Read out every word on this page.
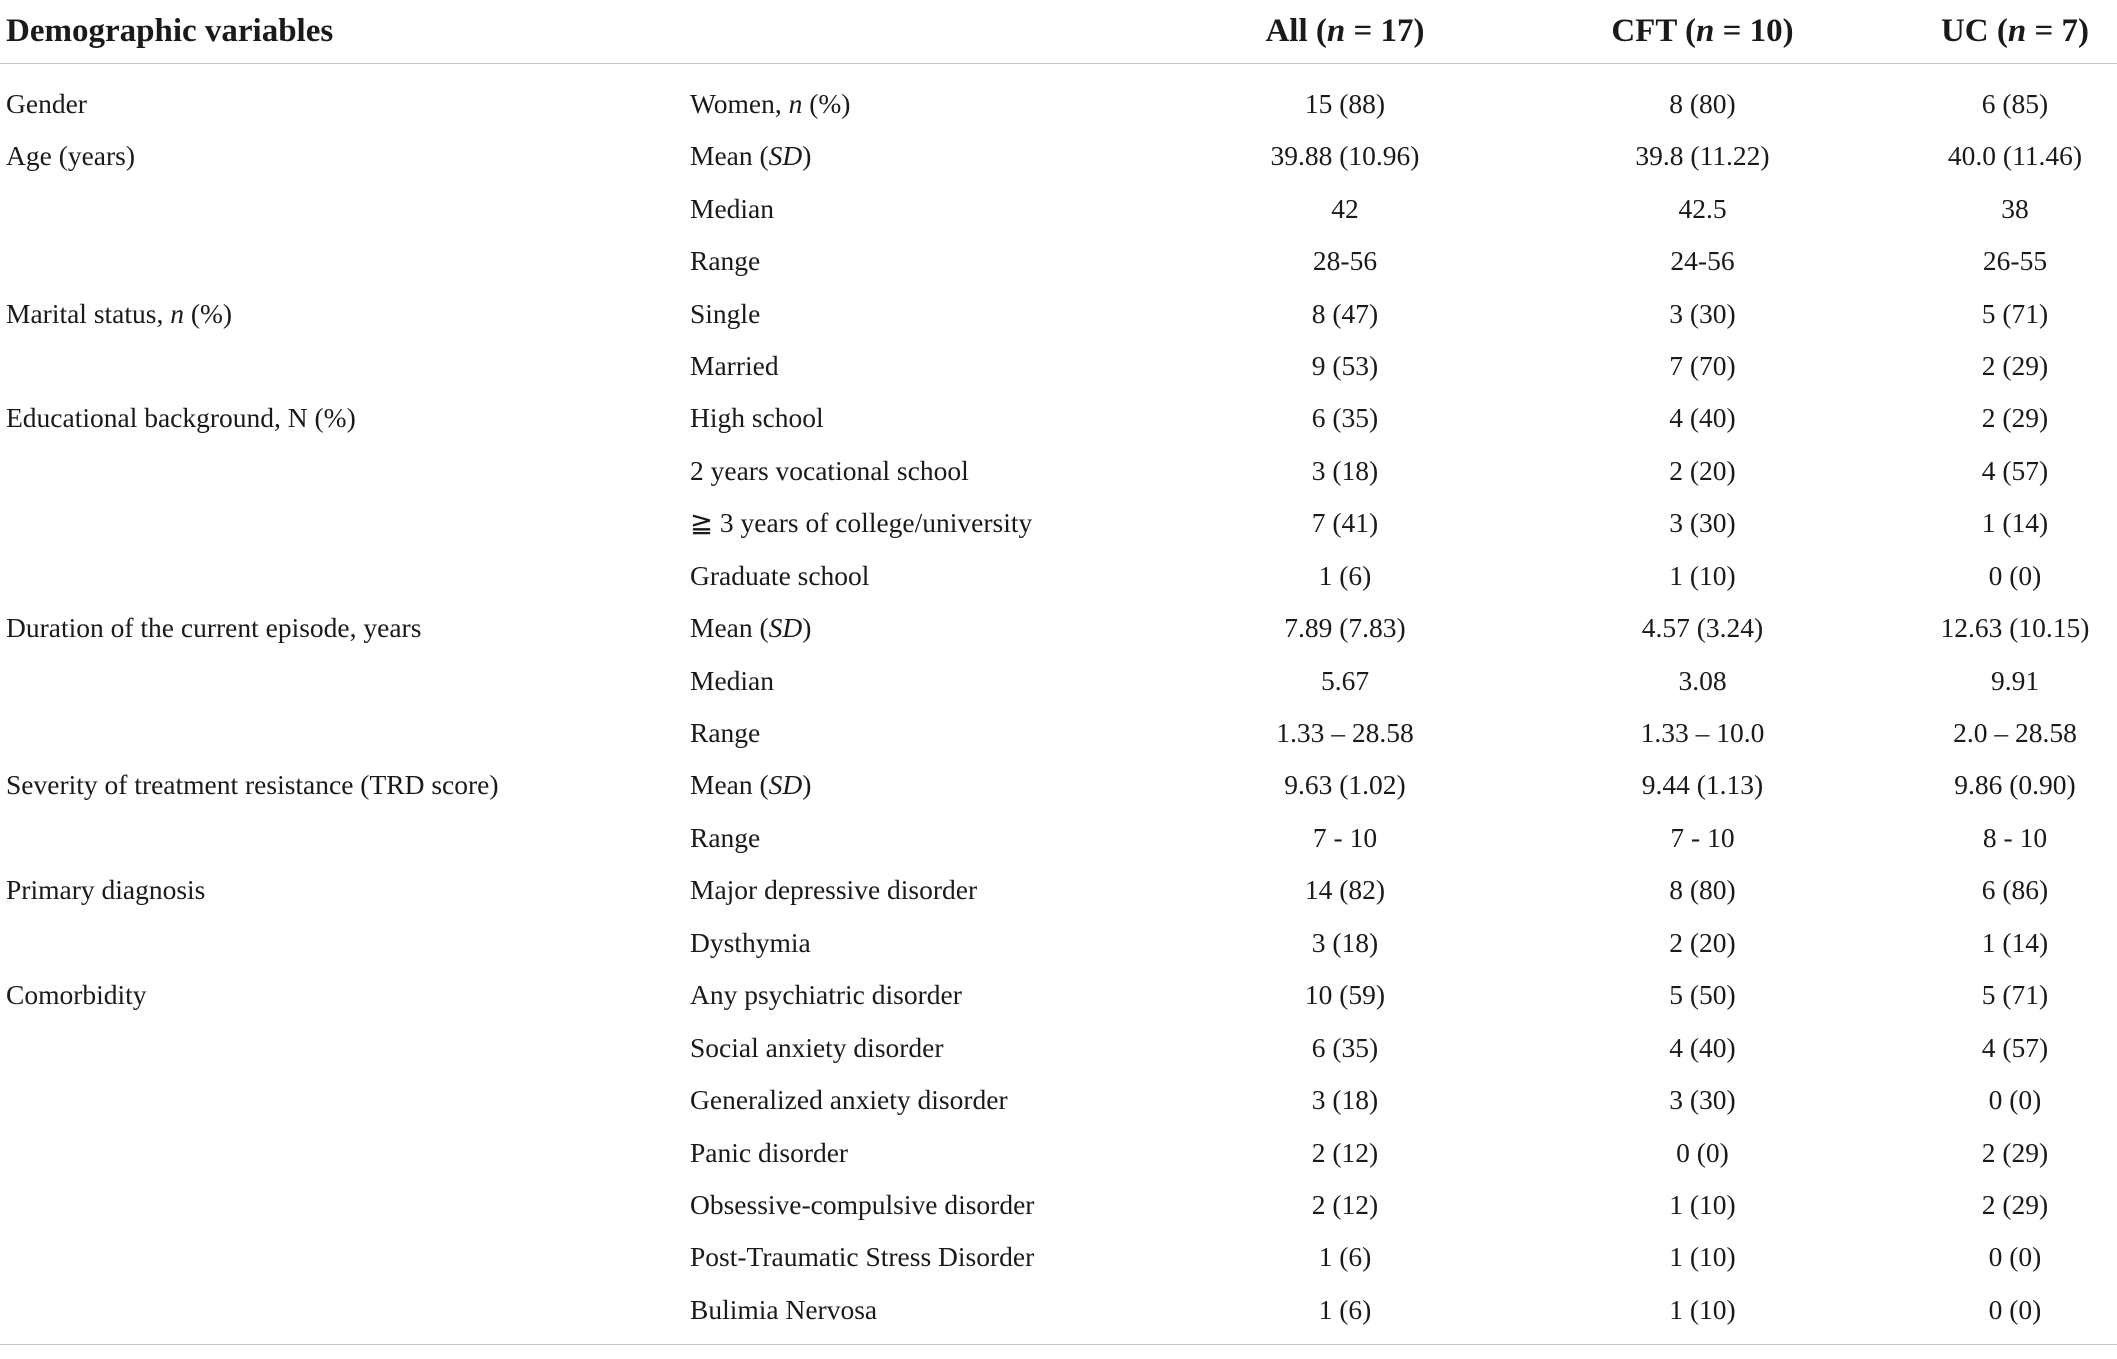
Demographic variables		All (n = 17)	CFT (n = 10)	UC (n = 7)
Gender	Women, n (%)	15 (88)	8 (80)	6 (85)
Age (years)	Mean (SD)	39.88 (10.96)	39.8 (11.22)	40.0 (11.46)
	Median	42	42.5	38
	Range	28-56	24-56	26-55
Marital status, n (%)	Single	8 (47)	3 (30)	5 (71)
	Married	9 (53)	7 (70)	2 (29)
Educational background, N (%)	High school	6 (35)	4 (40)	2 (29)
	2 years vocational school	3 (18)	2 (20)	4 (57)
	≧ 3 years of college/university	7 (41)	3 (30)	1 (14)
	Graduate school	1 (6)	1 (10)	0 (0)
Duration of the current episode, years	Mean (SD)	7.89 (7.83)	4.57 (3.24)	12.63 (10.15)
	Median	5.67	3.08	9.91
	Range	1.33 – 28.58	1.33 – 10.0	2.0 – 28.58
Severity of treatment resistance (TRD score)	Mean (SD)	9.63 (1.02)	9.44 (1.13)	9.86 (0.90)
	Range	7 - 10	7 - 10	8 - 10
Primary diagnosis	Major depressive disorder	14 (82)	8 (80)	6 (86)
	Dysthymia	3 (18)	2 (20)	1 (14)
Comorbidity	Any psychiatric disorder	10 (59)	5 (50)	5 (71)
	Social anxiety disorder	6 (35)	4 (40)	4 (57)
	Generalized anxiety disorder	3 (18)	3 (30)	0 (0)
	Panic disorder	2 (12)	0 (0)	2 (29)
	Obsessive-compulsive disorder	2 (12)	1 (10)	2 (29)
	Post-Traumatic Stress Disorder	1 (6)	1 (10)	0 (0)
	Bulimia Nervosa	1 (6)	1 (10)	0 (0)
